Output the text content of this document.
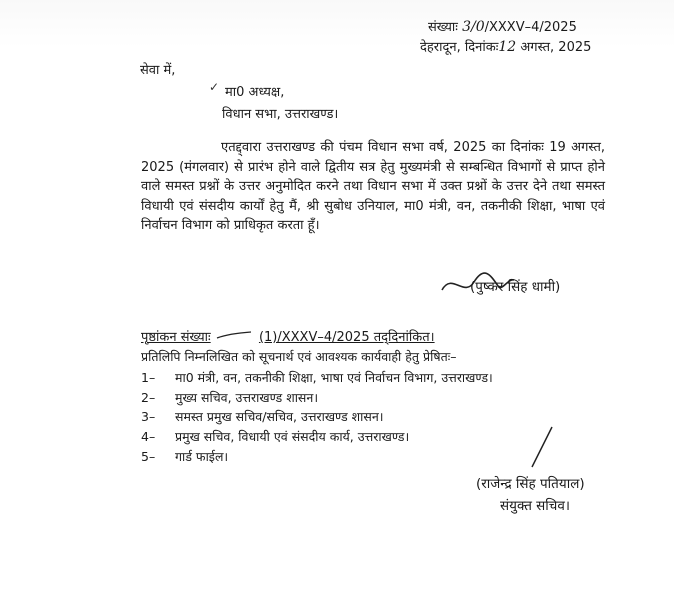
संख्याः 3/0/XXXV–4/2025
देहरादून, दिनांकः12 अगस्त, 2025
सेवा में,
✓ मा0 अध्यक्ष,
विधान सभा, उत्तराखण्ड।
एतद्द्वारा उत्तराखण्ड की पंचम विधान सभा वर्ष, 2025 का दिनांकः 19 अगस्त, 2025 (मंगलवार) से प्रारंभ होने वाले द्वितीय सत्र हेतु मुख्यमंत्री से सम्बन्धित विभागों से प्राप्त होने वाले समस्त प्रश्नों के उत्तर अनुमोदित करने तथा विधान सभा में उक्त प्रश्नों के उत्तर देने तथा समस्त विधायी एवं संसदीय कार्यों हेतु मैं, श्री सुबोध उनियाल, मा0 मंत्री, वन, तकनीकी शिक्षा, भाषा एवं निर्वाचन विभाग को प्राधिकृत करता हूँ।
(पुष्कर सिंह धामी)
पृष्ठांकन संख्याः	(1)/XXXV–4/2025 तद्‌दिनांकित।
प्रतिलिपि निम्नलिखित को सूचनार्थ एवं आवश्यक कार्यवाही हेतु प्रेषितः–
1– मा0 मंत्री, वन, तकनीकी शिक्षा, भाषा एवं निर्वाचन विभाग, उत्तराखण्ड।
2– मुख्य सचिव, उत्तराखण्ड शासन।
3– समस्त प्रमुख सचिव/सचिव, उत्तराखण्ड शासन।
4– प्रमुख सचिव, विधायी एवं संसदीय कार्य, उत्तराखण्ड।
5– गार्ड फाईल।
(राजेन्द्र सिंह पतियाल)
संयुक्त सचिव।
